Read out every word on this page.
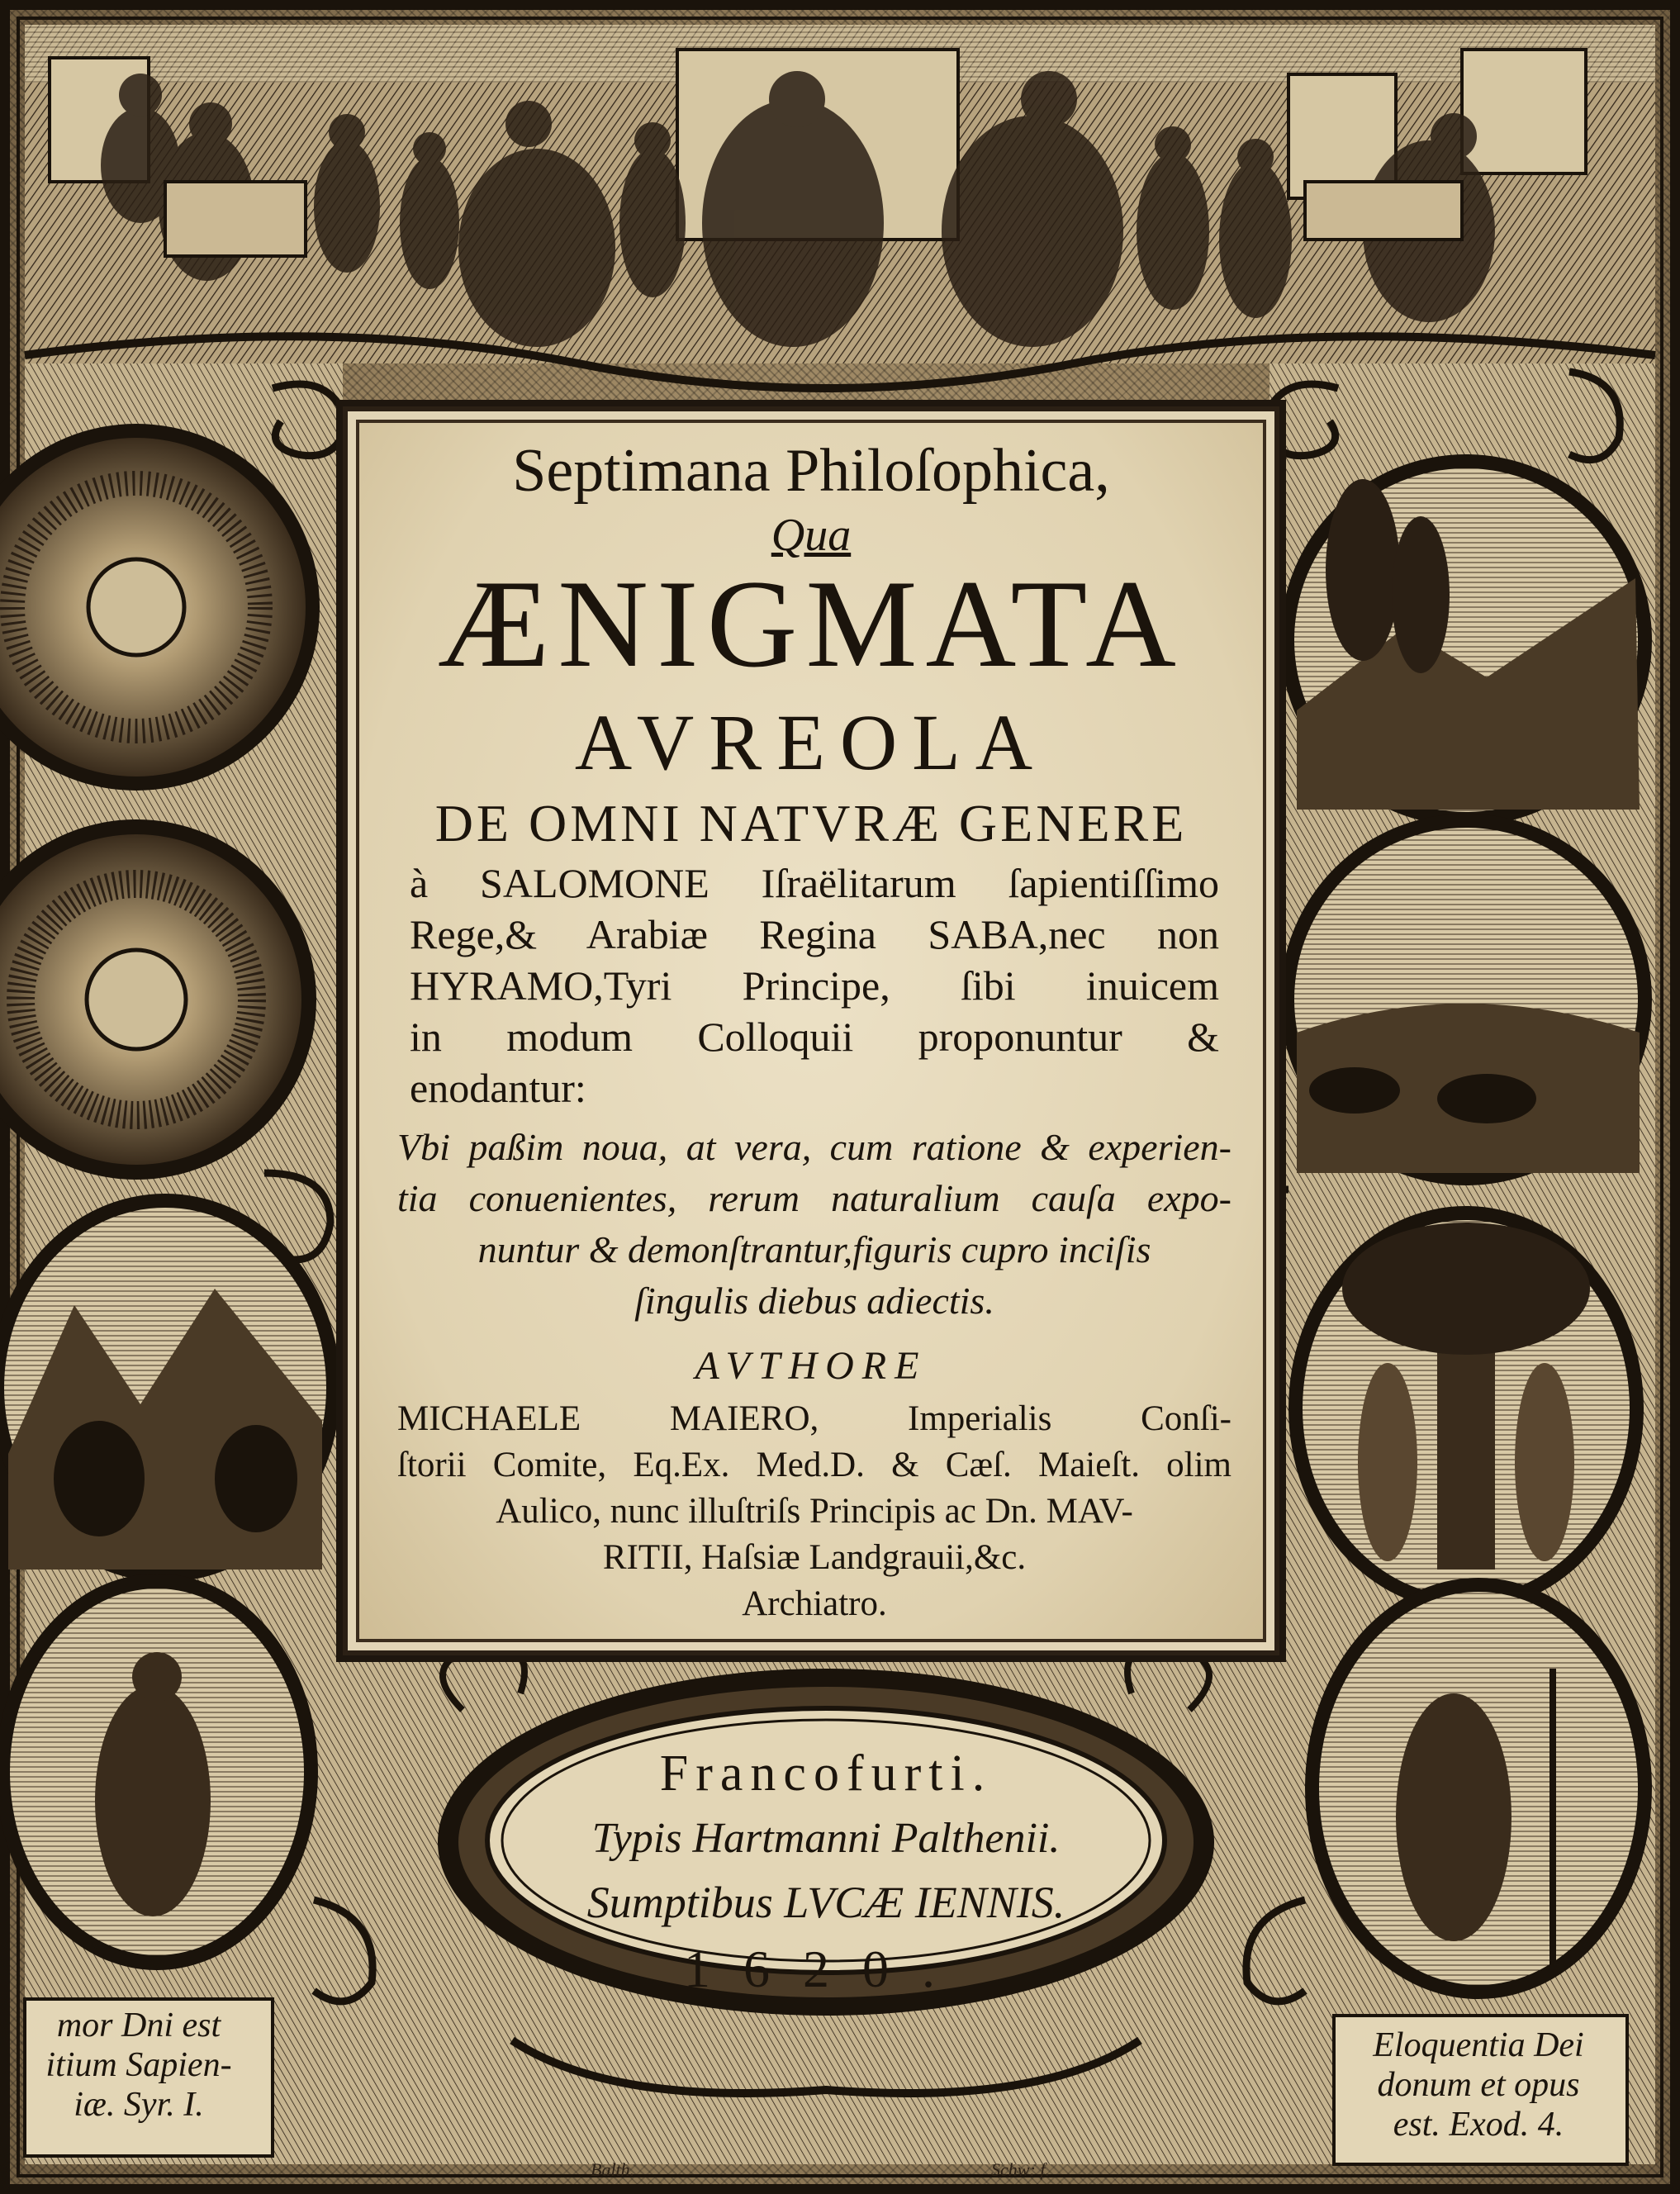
Septimana Philoſophica,
Qua
ÆNIGMATA
AVREOLA
DE OMNI NATVRÆ GENERE
à SALOMONE Iſraëlitarum ſapientiſſimo
Rege,& Arabiæ Regina SABA,nec non
HYRAMO,Tyri Principe, ſibi inuicem
in modum Colloquii proponuntur &
enodantur:
Vbi paßim noua, at vera, cum ratione & experien-
tia conuenientes, rerum naturalium cauſa expo-
nuntur & demonſtrantur,figuris cupro inciſis
ſingulis diebus adiectis.
AVTHORE
MICHAELE MAIERO, Imperialis Conſi-
ſtorii Comite, Eq.Ex. Med.D. & Cæſ. Maieſt. olim
Aulico, nunc illuſtriſs Principis ac Dn. MAV-
RITII, Haſsiæ Landgrauii,&c.
Archiatro.
Francofurti.
Typis Hartmanni Palthenii.
Sumptibus LVCÆ IENNIS.
1620.
mor Dni est
itium Sapien-
iæ. Syr. I.
Eloquentia Dei
donum et opus
est. Exod. 4.
Balth.	Schw: f.
